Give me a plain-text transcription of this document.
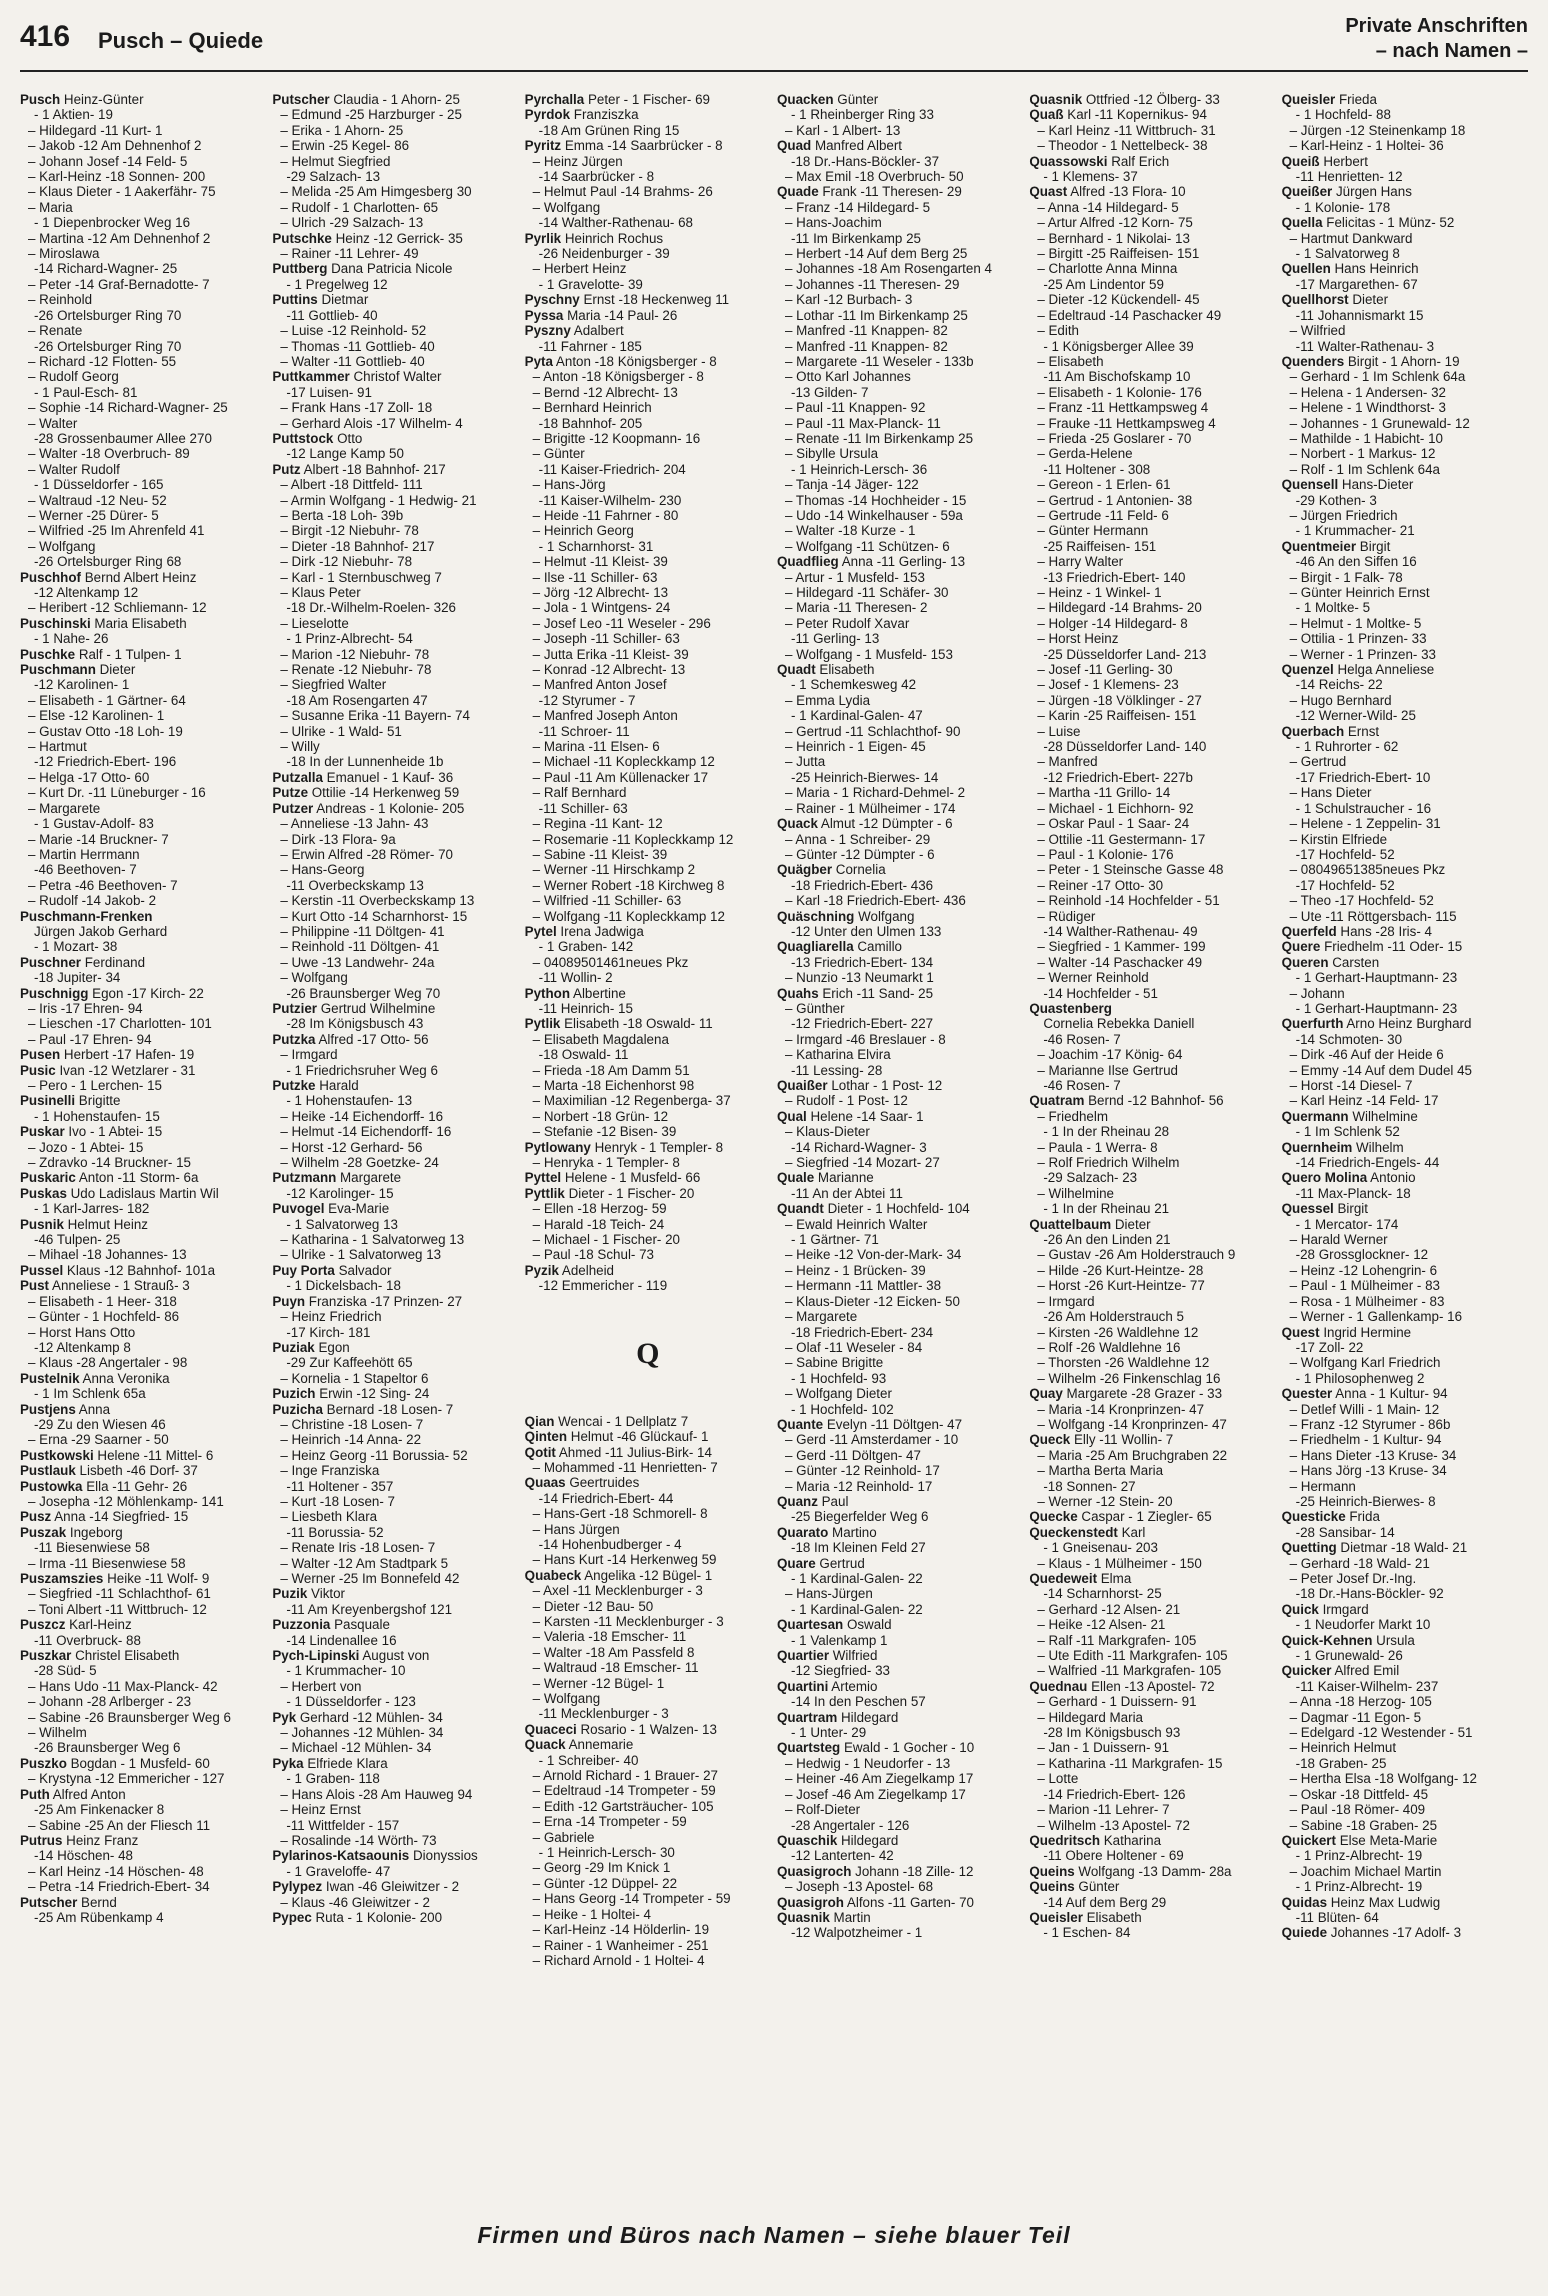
416 Pusch – Quiede
Private Anschriften
– nach Namen –
Pusch Heinz-Günter
- 1 Aktien- 19
– Hildegard -11 Kurt- 1
– Jakob -12 Am Dehnenhof 2
– Johann Josef -14 Feld- 5
– Karl-Heinz -18 Sonnen- 200
– Klaus Dieter - 1 Aakerfähr- 75
– Maria
- 1 Diepenbrocker Weg 16
– Martina -12 Am Dehnenhof 2
– Miroslawa
-14 Richard-Wagner- 25
– Peter -14 Graf-Bernadotte- 7
– Reinhold
-26 Ortelsburger Ring 70
– Renate
-26 Ortelsburger Ring 70
– Richard -12 Flotten- 55
– Rudolf Georg
- 1 Paul-Esch- 81
– Sophie -14 Richard-Wagner- 25
– Walter
-28 Grossenbaumer Allee 270
– Walter -18 Overbruch- 89
– Walter Rudolf
- 1 Düsseldorfer - 165
– Waltraud -12 Neu- 52
– Werner -25 Dürer- 5
– Wilfried -25 Im Ahrenfeld 41
– Wolfgang
-26 Ortelsburger Ring 68
Puschhof Bernd Albert Heinz
-12 Altenkamp 12
– Heribert -12 Schliemann- 12
Puschinski Maria Elisabeth
- 1 Nahe- 26
Puschke Ralf - 1 Tulpen- 1
Puschmann Dieter
-12 Karolinen- 1
– Elisabeth - 1 Gärtner- 64
– Else -12 Karolinen- 1
– Gustav Otto -18 Loh- 19
– Hartmut
-12 Friedrich-Ebert- 196
– Helga -17 Otto- 60
– Kurt Dr. -11 Lüneburger - 16
– Margarete
- 1 Gustav-Adolf- 83
– Marie -14 Bruckner- 7
– Martin Herrmann
-46 Beethoven- 7
– Petra -46 Beethoven- 7
– Rudolf -14 Jakob- 2
Puschmann-Frenken
Jürgen Jakob Gerhard
- 1 Mozart- 38
Puschner Ferdinand
-18 Jupiter- 34
Puschnigg Egon -17 Kirch- 22
– Iris -17 Ehren- 94
– Lieschen -17 Charlotten- 101
– Paul -17 Ehren- 94
Pusen Herbert -17 Hafen- 19
Pusic Ivan -12 Wetzlarer - 31
– Pero - 1 Lerchen- 15
Pusinelli Brigitte
- 1 Hohenstaufen- 15
Puskar Ivo - 1 Abtei- 15
– Jozo - 1 Abtei- 15
– Zdravko -14 Bruckner- 15
Puskaric Anton -11 Storm- 6a
Puskas Udo Ladislaus Martin Wil
- 1 Karl-Jarres- 182
Pusnik Helmut Heinz
-46 Tulpen- 25
– Mihael -18 Johannes- 13
Pussel Klaus -12 Bahnhof- 101a
Pust Anneliese - 1 Strauß- 3
– Elisabeth - 1 Heer- 318
– Günter - 1 Hochfeld- 86
– Horst Hans Otto
-12 Altenkamp 8
– Klaus -28 Angertaler - 98
Pustelnik Anna Veronika
- 1 Im Schlenk 65a
Pustjens Anna
-29 Zu den Wiesen 46
– Erna -29 Saarner - 50
Pustkowski Helene -11 Mittel- 6
Pustlauk Lisbeth -46 Dorf- 37
Pustowka Ella -11 Gehr- 26
– Josepha -12 Möhlenkamp- 141
Pusz Anna -14 Siegfried- 15
Puszak Ingeborg
-11 Biesenwiese 58
– Irma -11 Biesenwiese 58
Puszamszies Heike -11 Wolf- 9
– Siegfried -11 Schlachthof- 61
– Toni Albert -11 Wittbruch- 12
Puszcz Karl-Heinz
-11 Overbruck- 88
Puszkar Christel Elisabeth
-28 Süd- 5
– Hans Udo -11 Max-Planck- 42
– Johann -28 Arlberger - 23
– Sabine -26 Braunsberger Weg 6
– Wilhelm
-26 Braunsberger Weg 6
Puszko Bogdan - 1 Musfeld- 60
– Krystyna -12 Emmericher - 127
Puth Alfred Anton
-25 Am Finkenacker 8
– Sabine -25 An der Fliesch 11
Putrus Heinz Franz
-14 Höschen- 48
– Karl Heinz -14 Höschen- 48
– Petra -14 Friedrich-Ebert- 34
Putscher Bernd
-25 Am Rübenkamp 4
Putscher Claudia - 1 Ahorn- 25
– Edmund -25 Harzburger - 25
– Erika - 1 Ahorn- 25
– Erwin -25 Kegel- 86
– Helmut Siegfried
-29 Salzach- 13
– Melida -25 Am Himgesberg 30
– Rudolf - 1 Charlotten- 65
– Ulrich -29 Salzach- 13
Putschke Heinz -12 Gerrick- 35
– Rainer -11 Lehrer- 49
Puttberg Dana Patricia Nicole
- 1 Pregelweg 12
Puttins Dietmar
-11 Gottlieb- 40
– Luise -12 Reinhold- 52
– Thomas -11 Gottlieb- 40
– Walter -11 Gottlieb- 40
Puttkammer Christof Walter
-17 Luisen- 91
– Frank Hans -17 Zoll- 18
– Gerhard Alois -17 Wilhelm- 4
Puttstock Otto
-12 Lange Kamp 50
Putz Albert -18 Bahnhof- 217
– Albert -18 Dittfeld- 111
– Armin Wolfgang - 1 Hedwig- 21
– Berta -18 Loh- 39b
– Birgit -12 Niebuhr- 78
– Dieter -18 Bahnhof- 217
– Dirk -12 Niebuhr- 78
– Karl - 1 Sternbuschweg 7
– Klaus Peter
-18 Dr.-Wilhelm-Roelen- 326
– Lieselotte
- 1 Prinz-Albrecht- 54
– Marion -12 Niebuhr- 78
– Renate -12 Niebuhr- 78
– Siegfried Walter
-18 Am Rosengarten 47
– Susanne Erika -11 Bayern- 74
– Ulrike - 1 Wald- 51
– Willy
-18 In der Lunnenheide 1b
Putzalla Emanuel - 1 Kauf- 36
Putze Ottilie -14 Herkenweg 59
Putzer Andreas - 1 Kolonie- 205
– Anneliese -13 Jahn- 43
– Dirk -13 Flora- 9a
– Erwin Alfred -28 Römer- 70
– Hans-Georg
-11 Overbeckskamp 13
– Kerstin -11 Overbeckskamp 13
– Kurt Otto -14 Scharnhorst- 15
– Philippine -11 Döltgen- 41
– Reinhold -11 Döltgen- 41
– Uwe -13 Landwehr- 24a
– Wolfgang
-26 Braunsberger Weg 70
Putzier Gertrud Wilhelmine
-28 Im Königsbusch 43
Putzka Alfred -17 Otto- 56
– Irmgard
- 1 Friedrichsruher Weg 6
Putzke Harald
- 1 Hohenstaufen- 13
– Heike -14 Eichendorff- 16
– Helmut -14 Eichendorff- 16
– Horst -12 Gerhard- 56
– Wilhelm -28 Goetzke- 24
Putzmann Margarete
-12 Karolinger- 15
Puvogel Eva-Marie
- 1 Salvatorweg 13
– Katharina - 1 Salvatorweg 13
– Ulrike - 1 Salvatorweg 13
Puy Porta Salvador
- 1 Dickelsbach- 18
Puyn Franziska -17 Prinzen- 27
– Heinz Friedrich
-17 Kirch- 181
Puziak Egon
-29 Zur Kaffeehött 65
– Kornelia - 1 Stapeltor 6
Puzich Erwin -12 Sing- 24
Puzicha Bernard -18 Losen- 7
– Christine -18 Losen- 7
– Heinrich -14 Anna- 22
– Heinz Georg -11 Borussia- 52
– Inge Franziska
-11 Holtener - 357
– Kurt -18 Losen- 7
– Liesbeth Klara
-11 Borussia- 52
– Renate Iris -18 Losen- 7
– Walter -12 Am Stadtpark 5
– Werner -25 Im Bonnefeld 42
Puzik Viktor
-11 Am Kreyenbergshof 121
Puzzonia Pasquale
-14 Lindenallee 16
Pych-Lipinski August von
- 1 Krummacher- 10
– Herbert von
- 1 Düsseldorfer - 123
Pyk Gerhard -12 Mühlen- 34
– Johannes -12 Mühlen- 34
– Michael -12 Mühlen- 34
Pyka Elfriede Klara
- 1 Graben- 118
– Hans Alois -28 Am Hauweg 94
– Heinz Ernst
-11 Wittfelder - 157
– Rosalinde -14 Wörth- 73
Pylarinos-Katsaounis Dionyssios
- 1 Graveloffe- 47
Pylypez Iwan -46 Gleiwitzer - 2
– Klaus -46 Gleiwitzer - 2
Pypec Ruta - 1 Kolonie- 200
Pyrchalla Peter - 1 Fischer- 69
Pyrdok Franziszka
-18 Am Grünen Ring 15
Pyritz Emma -14 Saarbrücker - 8
– Heinz Jürgen
-14 Saarbrücker - 8
– Helmut Paul -14 Brahms- 26
– Wolfgang
-14 Walther-Rathenau- 68
Pyrlik Heinrich Rochus
-26 Neidenburger - 39
– Herbert Heinz
- 1 Gravelotte- 39
Pyschny Ernst -18 Heckenweg 11
Pyssa Maria -14 Paul- 26
Pyszny Adalbert
-11 Fahrner - 185
Pyta Anton -18 Königsberger - 8
– Anton -18 Königsberger - 8
– Bernd -12 Albrecht- 13
– Bernhard Heinrich
-18 Bahnhof- 205
– Brigitte -12 Koopmann- 16
– Günter
-11 Kaiser-Friedrich- 204
– Hans-Jörg
-11 Kaiser-Wilhelm- 230
– Heide -11 Fahrner - 80
– Heinrich Georg
- 1 Scharnhorst- 31
– Helmut -11 Kleist- 39
– Ilse -11 Schiller- 63
– Jörg -12 Albrecht- 13
– Jola - 1 Wintgens- 24
– Josef Leo -11 Weseler - 296
– Joseph -11 Schiller- 63
– Jutta Erika -11 Kleist- 39
– Konrad -12 Albrecht- 13
– Manfred Anton Josef
-12 Styrumer - 7
– Manfred Joseph Anton
-11 Schroer- 11
– Marina -11 Elsen- 6
– Michael -11 Kopleckkamp 12
– Paul -11 Am Küllenacker 17
– Ralf Bernhard
-11 Schiller- 63
– Regina -11 Kant- 12
– Rosemarie -11 Kopleckkamp 12
– Sabine -11 Kleist- 39
– Werner -11 Hirschkamp 2
– Werner Robert -18 Kirchweg 8
– Wilfried -11 Schiller- 63
– Wolfgang -11 Kopleckkamp 12
Pytel Irena Jadwiga
- 1 Graben- 142
– 04089501461neues Pkz
-11 Wollin- 2
Python Albertine
-11 Heinrich- 15
Pytlik Elisabeth -18 Oswald- 11
– Elisabeth Magdalena
-18 Oswald- 11
– Frieda -18 Am Damm 51
– Marta -18 Eichenhorst 98
– Maximilian -12 Regenberga- 37
– Norbert -18 Grün- 12
– Stefanie -12 Bisen- 39
Pytlowany Henryk - 1 Templer- 8
– Henryka - 1 Templer- 8
Pyttel Helene - 1 Musfeld- 66
Pyttlik Dieter - 1 Fischer- 20
– Ellen -18 Herzog- 59
– Harald -18 Teich- 24
– Michael - 1 Fischer- 20
– Paul -18 Schul- 73
Pyzik Adelheid
-12 Emmericher - 119
Q
Qian Wencai - 1 Dellplatz 7
Qinten Helmut -46 Glückauf- 1
Qotit Ahmed -11 Julius-Birk- 14
– Mohammed -11 Henrietten- 7
Quaas Geertruides
-14 Friedrich-Ebert- 44
– Hans-Gert -18 Schmorell- 8
– Hans Jürgen
-14 Hohenbudberger - 4
– Hans Kurt -14 Herkenweg 59
Quabeck Angelika -12 Bügel- 1
– Axel -11 Mecklenburger - 3
– Dieter -12 Bau- 50
– Karsten -11 Mecklenburger - 3
– Valeria -18 Emscher- 11
– Walter -18 Am Passfeld 8
– Waltraud -18 Emscher- 11
– Werner -12 Bügel- 1
– Wolfgang
-11 Mecklenburger - 3
Quaceci Rosario - 1 Walzen- 13
Quack Annemarie
- 1 Schreiber- 40
– Arnold Richard - 1 Brauer- 27
– Edeltraud -14 Trompeter - 59
– Edith -12 Gartsträucher- 105
– Erna -14 Trompeter - 59
– Gabriele
- 1 Heinrich-Lersch- 30
– Georg -29 Im Knick 1
– Günter -12 Düppel- 22
– Hans Georg -14 Trompeter - 59
– Heike - 1 Holtei- 4
– Karl-Heinz -14 Hölderlin- 19
– Rainer - 1 Wanheimer - 251
– Richard Arnold - 1 Holtei- 4
Quacken Günter
- 1 Rheinberger Ring 33
– Karl - 1 Albert- 13
Quad Manfred Albert
-18 Dr.-Hans-Böckler- 37
– Max Emil -18 Overbruch- 50
Quade Frank -11 Theresen- 29
– Franz -14 Hildegard- 5
– Hans-Joachim
-11 Im Birkenkamp 25
– Herbert -14 Auf dem Berg 25
– Johannes -18 Am Rosengarten 4
– Johannes -11 Theresen- 29
– Karl -12 Burbach- 3
– Lothar -11 Im Birkenkamp 25
– Manfred -11 Knappen- 82
– Manfred -11 Knappen- 82
– Margarete -11 Weseler - 133b
– Otto Karl Johannes
-13 Gilden- 7
– Paul -11 Knappen- 92
– Paul -11 Max-Planck- 11
– Renate -11 Im Birkenkamp 25
– Sibylle Ursula
- 1 Heinrich-Lersch- 36
– Tanja -14 Jäger- 122
– Thomas -14 Hochheider - 15
– Udo -14 Winkelhauser - 59a
– Walter -18 Kurze - 1
– Wolfgang -11 Schützen- 6
Quadflieg Anna -11 Gerling- 13
– Artur - 1 Musfeld- 153
– Hildegard -11 Schäfer- 30
– Maria -11 Theresen- 2
– Peter Rudolf Xavar
-11 Gerling- 13
– Wolfgang - 1 Musfeld- 153
Quadt Elisabeth
- 1 Schemkesweg 42
– Emma Lydia
- 1 Kardinal-Galen- 47
– Gertrud -11 Schlachthof- 90
– Heinrich - 1 Eigen- 45
– Jutta
-25 Heinrich-Bierwes- 14
– Maria - 1 Richard-Dehmel- 2
– Rainer - 1 Mülheimer - 174
Quack Almut -12 Dümpter - 6
– Anna - 1 Schreiber- 29
– Günter -12 Dümpter - 6
Quägber Cornelia
-18 Friedrich-Ebert- 436
– Karl -18 Friedrich-Ebert- 436
Quäschning Wolfgang
-12 Unter den Ulmen 133
Quagliarella Camillo
-13 Friedrich-Ebert- 134
– Nunzio -13 Neumarkt 1
Quahs Erich -11 Sand- 25
– Günther
-12 Friedrich-Ebert- 227
– Irmgard -46 Breslauer - 8
– Katharina Elvira
-11 Lessing- 28
Quaißer Lothar - 1 Post- 12
– Rudolf - 1 Post- 12
Qual Helene -14 Saar- 1
– Klaus-Dieter
-14 Richard-Wagner- 3
– Siegfried -14 Mozart- 27
Quale Marianne
-11 An der Abtei 11
Quandt Dieter - 1 Hochfeld- 104
– Ewald Heinrich Walter
- 1 Gärtner- 71
– Heike -12 Von-der-Mark- 34
– Heinz - 1 Brücken- 39
– Hermann -11 Mattler- 38
– Klaus-Dieter -12 Eicken- 50
– Margarete
-18 Friedrich-Ebert- 234
– Olaf -11 Weseler - 84
– Sabine Brigitte
- 1 Hochfeld- 93
– Wolfgang Dieter
- 1 Hochfeld- 102
Quante Evelyn -11 Döltgen- 47
– Gerd -11 Amsterdamer - 10
– Gerd -11 Döltgen- 47
– Günter -12 Reinhold- 17
– Maria -12 Reinhold- 17
Quanz Paul
-25 Biegerfelder Weg 6
Quarato Martino
-18 Im Kleinen Feld 27
Quare Gertrud
- 1 Kardinal-Galen- 22
– Hans-Jürgen
- 1 Kardinal-Galen- 22
Quartesan Oswald
- 1 Valenkamp 1
Quartier Wilfried
-12 Siegfried- 33
Quartini Artemio
-14 In den Peschen 57
Quartram Hildegard
- 1 Unter- 29
Quartsteg Ewald - 1 Gocher - 10
– Hedwig - 1 Neudorfer - 13
– Heiner -46 Am Ziegelkamp 17
– Josef -46 Am Ziegelkamp 17
– Rolf-Dieter
-28 Angertaler - 126
Quaschik Hildegard
-12 Lanterten- 42
Quasigroch Johann -18 Zille- 12
– Joseph -13 Apostel- 68
Quasigroh Alfons -11 Garten- 70
Quasnik Martin
-12 Walpotzheimer - 1
Quasnik Ottfried -12 Ölberg- 33
Quaß Karl -11 Kopernikus- 94
– Karl Heinz -11 Wittbruch- 31
– Theodor - 1 Nettelbeck- 38
Quassowski Ralf Erich
- 1 Klemens- 37
Quast Alfred -13 Flora- 10
– Anna -14 Hildegard- 5
– Artur Alfred -12 Korn- 75
– Bernhard - 1 Nikolai- 13
– Birgitt -25 Raiffeisen- 151
– Charlotte Anna Minna
-25 Am Lindentor 59
– Dieter -12 Kückendell- 45
– Edeltraud -14 Paschacker 49
– Edith
- 1 Königsberger Allee 39
– Elisabeth
-11 Am Bischofskamp 10
– Elisabeth - 1 Kolonie- 176
– Franz -11 Hettkampsweg 4
– Frauke -11 Hettkampsweg 4
– Frieda -25 Goslarer - 70
– Gerda-Helene
-11 Holtener - 308
– Gereon - 1 Erlen- 61
– Gertrud - 1 Antonien- 38
– Gertrude -11 Feld- 6
– Günter Hermann
-25 Raiffeisen- 151
– Harry Walter
-13 Friedrich-Ebert- 140
– Heinz - 1 Winkel- 1
– Hildegard -14 Brahms- 20
– Holger -14 Hildegard- 8
– Horst Heinz
-25 Düsseldorfer Land- 213
– Josef -11 Gerling- 30
– Josef - 1 Klemens- 23
– Jürgen -18 Völklinger - 27
– Karin -25 Raiffeisen- 151
– Luise
-28 Düsseldorfer Land- 140
– Manfred
-12 Friedrich-Ebert- 227b
– Martha -11 Grillo- 14
– Michael - 1 Eichhorn- 92
– Oskar Paul - 1 Saar- 24
– Ottilie -11 Gestermann- 17
– Paul - 1 Kolonie- 176
– Peter - 1 Steinsche Gasse 48
– Reiner -17 Otto- 30
– Reinhold -14 Hochfelder - 51
– Rüdiger
-14 Walther-Rathenau- 49
– Siegfried - 1 Kammer- 199
– Walter -14 Paschacker 49
– Werner Reinhold
-14 Hochfelder - 51
Quastenberg
Cornelia Rebekka Daniell
-46 Rosen- 7
– Joachim -17 König- 64
– Marianne Ilse Gertrud
-46 Rosen- 7
Quatram Bernd -12 Bahnhof- 56
– Friedhelm
- 1 In der Rheinau 28
– Paula - 1 Werra- 8
– Rolf Friedrich Wilhelm
-29 Salzach- 23
– Wilhelmine
- 1 In der Rheinau 21
Quattelbaum Dieter
-26 An den Linden 21
– Gustav -26 Am Holderstrauch 9
– Hilde -26 Kurt-Heintze- 28
– Horst -26 Kurt-Heintze- 77
– Irmgard
-26 Am Holderstrauch 5
– Kirsten -26 Waldlehne 12
– Rolf -26 Waldlehne 16
– Thorsten -26 Waldlehne 12
– Wilhelm -26 Finkenschlag 16
Quay Margarete -28 Grazer - 33
– Maria -14 Kronprinzen- 47
– Wolfgang -14 Kronprinzen- 47
Queck Elly -11 Wollin- 7
– Maria -25 Am Bruchgraben 22
– Martha Berta Maria
-18 Sonnen- 27
– Werner -12 Stein- 20
Quecke Caspar - 1 Ziegler- 65
Queckenstedt Karl
- 1 Gneisenau- 203
– Klaus - 1 Mülheimer - 150
Quedeweit Elma
-14 Scharnhorst- 25
– Gerhard -12 Alsen- 21
– Heike -12 Alsen- 21
– Ralf -11 Markgrafen- 105
– Ute Edith -11 Markgrafen- 105
– Walfried -11 Markgrafen- 105
Quednau Ellen -13 Apostel- 72
– Gerhard - 1 Duissern- 91
– Hildegard Maria
-28 Im Königsbusch 93
– Jan - 1 Duissern- 91
– Katharina -11 Markgrafen- 15
– Lotte
-14 Friedrich-Ebert- 126
– Marion -11 Lehrer- 7
– Wilhelm -13 Apostel- 72
Quedritsch Katharina
-11 Obere Holtener - 69
Queins Wolfgang -13 Damm- 28a
Queins Günter
-14 Auf dem Berg 29
Queisler Elisabeth
- 1 Eschen- 84
Queisler Frieda
- 1 Hochfeld- 88
– Jürgen -12 Steinenkamp 18
– Karl-Heinz - 1 Holtei- 36
Queiß Herbert
-11 Henrietten- 12
Queißer Jürgen Hans
- 1 Kolonie- 178
Quella Felicitas - 1 Münz- 52
– Hartmut Dankward
- 1 Salvatorweg 8
Quellen Hans Heinrich
-17 Margarethen- 67
Quellhorst Dieter
-11 Johannismarkt 15
– Wilfried
-11 Walter-Rathenau- 3
Quenders Birgit - 1 Ahorn- 19
– Gerhard - 1 Im Schlenk 64a
– Helena - 1 Andersen- 32
– Helene - 1 Windthorst- 3
– Johannes - 1 Grunewald- 12
– Mathilde - 1 Habicht- 10
– Norbert - 1 Markus- 12
– Rolf - 1 Im Schlenk 64a
Quensell Hans-Dieter
-29 Kothen- 3
– Jürgen Friedrich
- 1 Krummacher- 21
Quentmeier Birgit
-46 An den Siffen 16
– Birgit - 1 Falk- 78
– Günter Heinrich Ernst
- 1 Moltke- 5
– Helmut - 1 Moltke- 5
– Ottilia - 1 Prinzen- 33
– Werner - 1 Prinzen- 33
Quenzel Helga Anneliese
-14 Reichs- 22
– Hugo Bernhard
-12 Werner-Wild- 25
Querbach Ernst
- 1 Ruhrorter - 62
– Gertrud
-17 Friedrich-Ebert- 10
– Hans Dieter
- 1 Schulstraucher - 16
– Helene - 1 Zeppelin- 31
– Kirstin Elfriede
-17 Hochfeld- 52
– 08049651385neues Pkz
-17 Hochfeld- 52
– Theo -17 Hochfeld- 52
– Ute -11 Röttgersbach- 115
Querfeld Hans -28 Iris- 4
Quere Friedhelm -11 Oder- 15
Queren Carsten
- 1 Gerhart-Hauptmann- 23
– Johann
- 1 Gerhart-Hauptmann- 23
Querfurth Arno Heinz Burghard
-14 Schmoten- 30
– Dirk -46 Auf der Heide 6
– Emmy -14 Auf dem Dudel 45
– Horst -14 Diesel- 7
– Karl Heinz -14 Feld- 17
Quermann Wilhelmine
- 1 Im Schlenk 52
Quernheim Wilhelm
-14 Friedrich-Engels- 44
Quero Molina Antonio
-11 Max-Planck- 18
Quessel Birgit
- 1 Mercator- 174
– Harald Werner
-28 Grossglockner- 12
– Heinz -12 Lohengrin- 6
– Paul - 1 Mülheimer - 83
– Rosa - 1 Mülheimer - 83
– Werner - 1 Gallenkamp- 16
Quest Ingrid Hermine
-17 Zoll- 22
– Wolfgang Karl Friedrich
- 1 Philosophenweg 2
Quester Anna - 1 Kultur- 94
– Detlef Willi - 1 Main- 12
– Franz -12 Styrumer - 86b
– Friedhelm - 1 Kultur- 94
– Hans Dieter -13 Kruse- 34
– Hans Jörg -13 Kruse- 34
– Hermann
-25 Heinrich-Bierwes- 8
Questicke Frida
-28 Sansibar- 14
Quetting Dietmar -18 Wald- 21
– Gerhard -18 Wald- 21
– Peter Josef Dr.-Ing.
-18 Dr.-Hans-Böckler- 92
Quick Irmgard
- 1 Neudorfer Markt 10
Quick-Kehnen Ursula
- 1 Grunewald- 26
Quicker Alfred Emil
-11 Kaiser-Wilhelm- 237
– Anna -18 Herzog- 105
– Dagmar -11 Egon- 5
– Edelgard -12 Westender - 51
– Heinrich Helmut
-18 Graben- 25
– Hertha Elsa -18 Wolfgang- 12
– Oskar -18 Dittfeld- 45
– Paul -18 Römer- 409
– Sabine -18 Graben- 25
Quickert Else Meta-Marie
- 1 Prinz-Albrecht- 19
– Joachim Michael Martin
- 1 Prinz-Albrecht- 19
Quidas Heinz Max Ludwig
-11 Blüten- 64
Quiede Johannes -17 Adolf- 3
Firmen und Büros nach Namen – siehe blauer Teil
